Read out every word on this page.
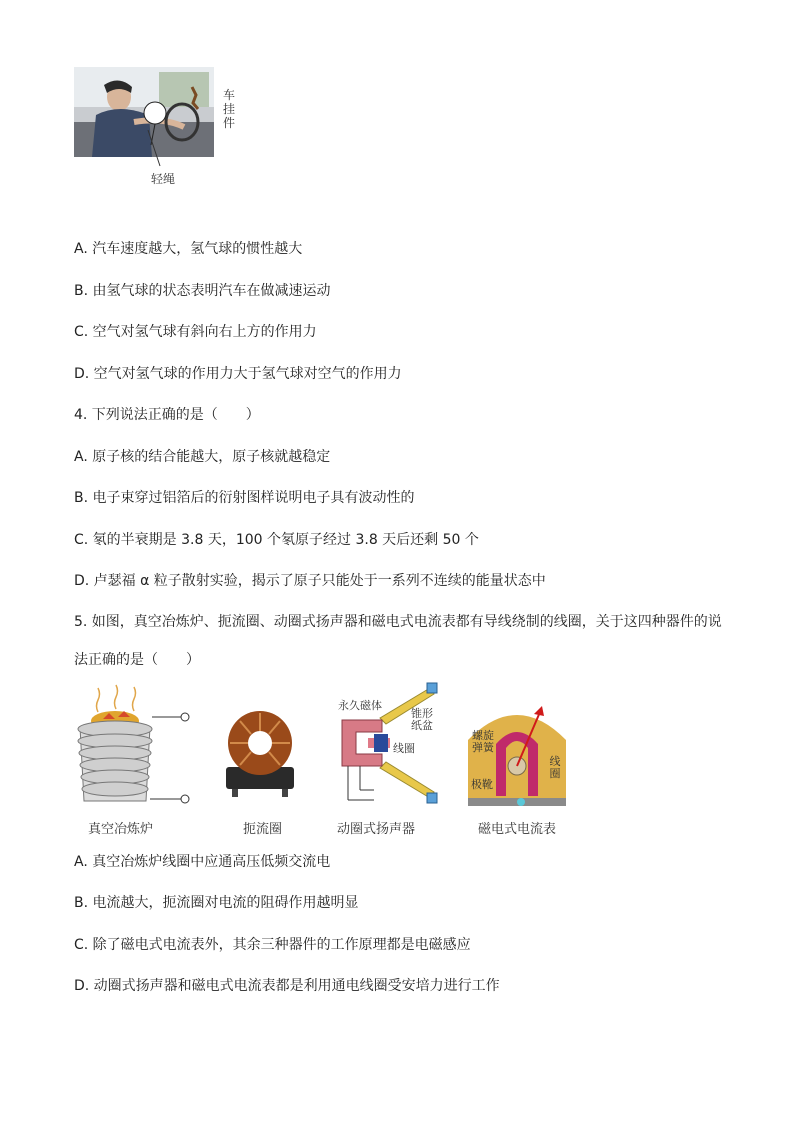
车挂件
轻绳
A. 汽车速度越大，氢气球的惯性越大
B. 由氢气球的状态表明汽车在做减速运动
C. 空气对氢气球有斜向右上方的作用力
D. 空气对氢气球的作用力大于氢气球对空气的作用力
4. 下列说法正确的是（　　）
A. 原子核的结合能越大，原子核就越稳定
B. 电子束穿过铝箔后的衍射图样说明电子具有波动性的
C. 氡的半衰期是 3.8 天，100 个氡原子经过 3.8 天后还剩 50 个
D. 卢瑟福 α 粒子散射实验，揭示了原子只能处于一系列不连续的能量状态中
5. 如图，真空冶炼炉、扼流圈、动圈式扬声器和磁电式电流表都有导线绕制的线圈，关于这四种器件的说
法正确的是（　　）
真空冶炼炉	扼流圈
永久磁体
锥形纸盆
线圈
动圈式扬声器
螺旋弹簧
线圈
极靴
磁电式电流表
A. 真空冶炼炉线圈中应通高压低频交流电
B. 电流越大，扼流圈对电流的阻碍作用越明显
C. 除了磁电式电流表外，其余三种器件的工作原理都是电磁感应
D. 动圈式扬声器和磁电式电流表都是利用通电线圈受安培力进行工作
